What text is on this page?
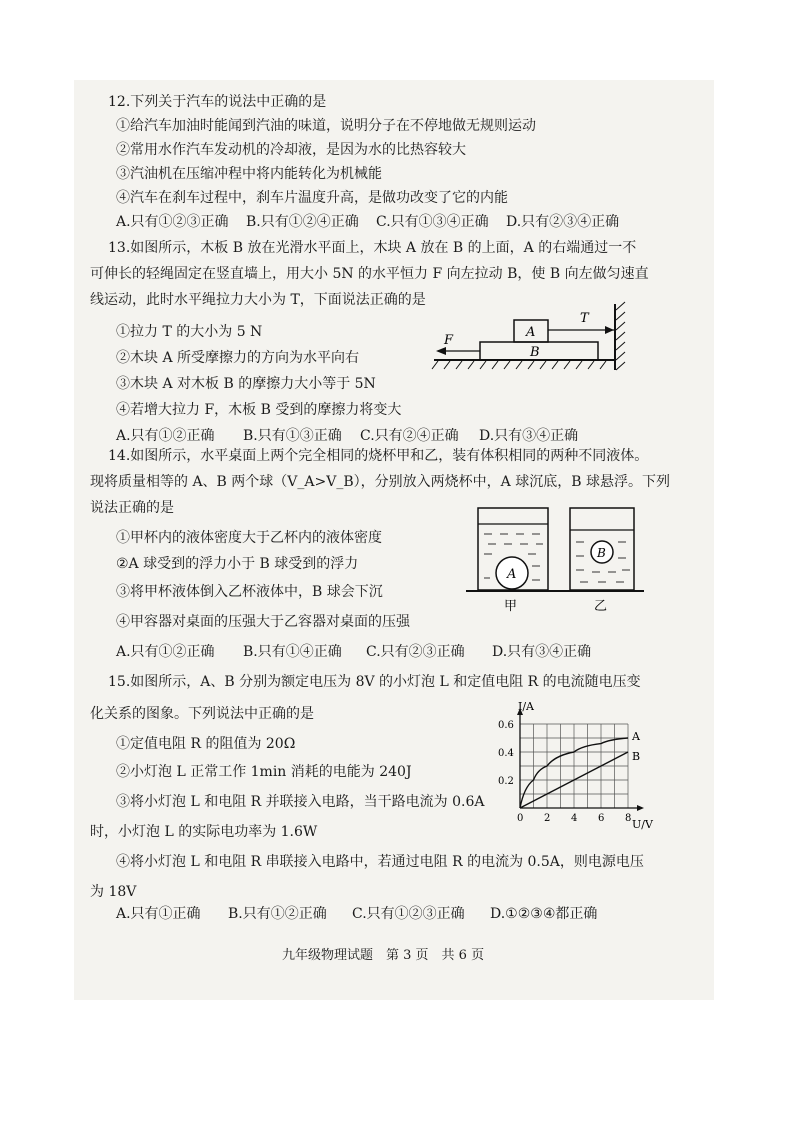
12.下列关于汽车的说法中正确的是
①给汽车加油时能闻到汽油的味道，说明分子在不停地做无规则运动
②常用水作汽车发动机的冷却液，是因为水的比热容较大
③汽油机在压缩冲程中将内能转化为机械能
④汽车在刹车过程中，刹车片温度升高，是做功改变了它的内能
A.只有①②③正确 B.只有①②④正确 C.只有①③④正确 D.只有②③④正确
13.如图所示，木板 B 放在光滑水平面上，木块 A 放在 B 的上面，A 的右端通过一不
可伸长的轻绳固定在竖直墙上，用大小 5N 的水平恒力 F 向左拉动 B，使 B 向左做匀速直
线运动，此时水平绳拉力大小为 T，下面说法正确的是
①拉力 T 的大小为 5 N
②木块 A 所受摩擦力的方向为水平向右
③木块 A 对木板 B 的摩擦力大小等于 5N
④若增大拉力 F，木板 B 受到的摩擦力将变大
A.只有①②正确 B.只有①③正确 C.只有②④正确 D.只有③④正确
B
A
T
F
14.如图所示，水平桌面上两个完全相同的烧杯甲和乙，装有体积相同的两种不同液体。
现将质量相等的 A、B 两个球（V_A>V_B），分别放入两烧杯中，A 球沉底，B 球悬浮。下列
说法正确的是
①甲杯内的液体密度大于乙杯内的液体密度
②A 球受到的浮力小于 B 球受到的浮力
③将甲杯液体倒入乙杯液体中，B 球会下沉
④甲容器对桌面的压强大于乙容器对桌面的压强
A.只有①②正确 B.只有①④正确 C.只有②③正确 D.只有③④正确
A
B
甲	乙
15.如图所示，A、B 分别为额定电压为 8V 的小灯泡 L 和定值电阻 R 的电流随电压变
化关系的图象。下列说法中正确的是
①定值电阻 R 的阻值为 20Ω
②小灯泡 L 正常工作 1min 消耗的电能为 240J
③将小灯泡 L 和电阻 R 并联接入电路，当干路电流为 0.6A
时，小灯泡 L 的实际电功率为 1.6W
④将小灯泡 L 和电阻 R 串联接入电路中，若通过电阻 R 的电流为 0.5A，则电源电压
为 18V
A.只有①正确 B.只有①②正确 C.只有①②③正确 D.①②③④都正确
I/A
U/V
0 2 4 6 8
0.2
0.4
0.6
A
B
九年级物理试题　第 3 页　共 6 页
